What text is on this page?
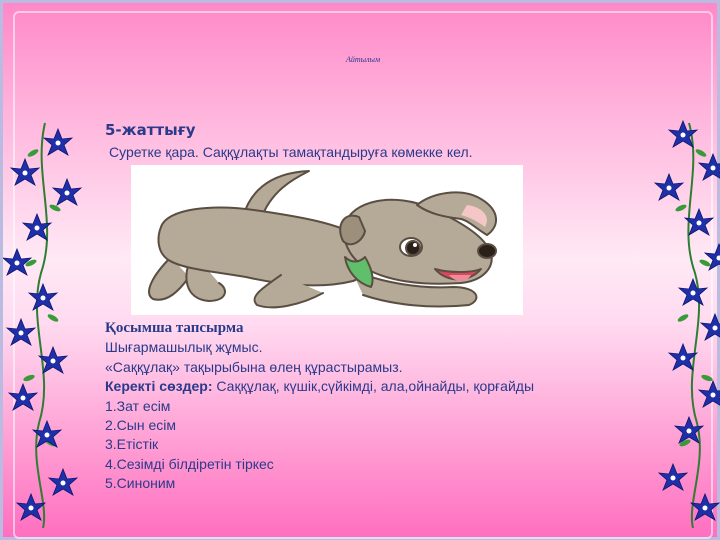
Айтылым
5-жаттығу
Суретке қара. Саққұлақты тамақтандыруға көмекке кел.
Қосымша тапсырма
Шығармашылық жұмыс.
«Саққұлақ» тақырыбына өлең құрастырамыз.
Керекті сөздер: Саққұлақ, күшік,сүйкімді, ала,ойнайды, қорғайды
1.Зат есім
2.Сын есім
3.Етістік
4.Сезімді білдіретін тіркес
5.Синоним
